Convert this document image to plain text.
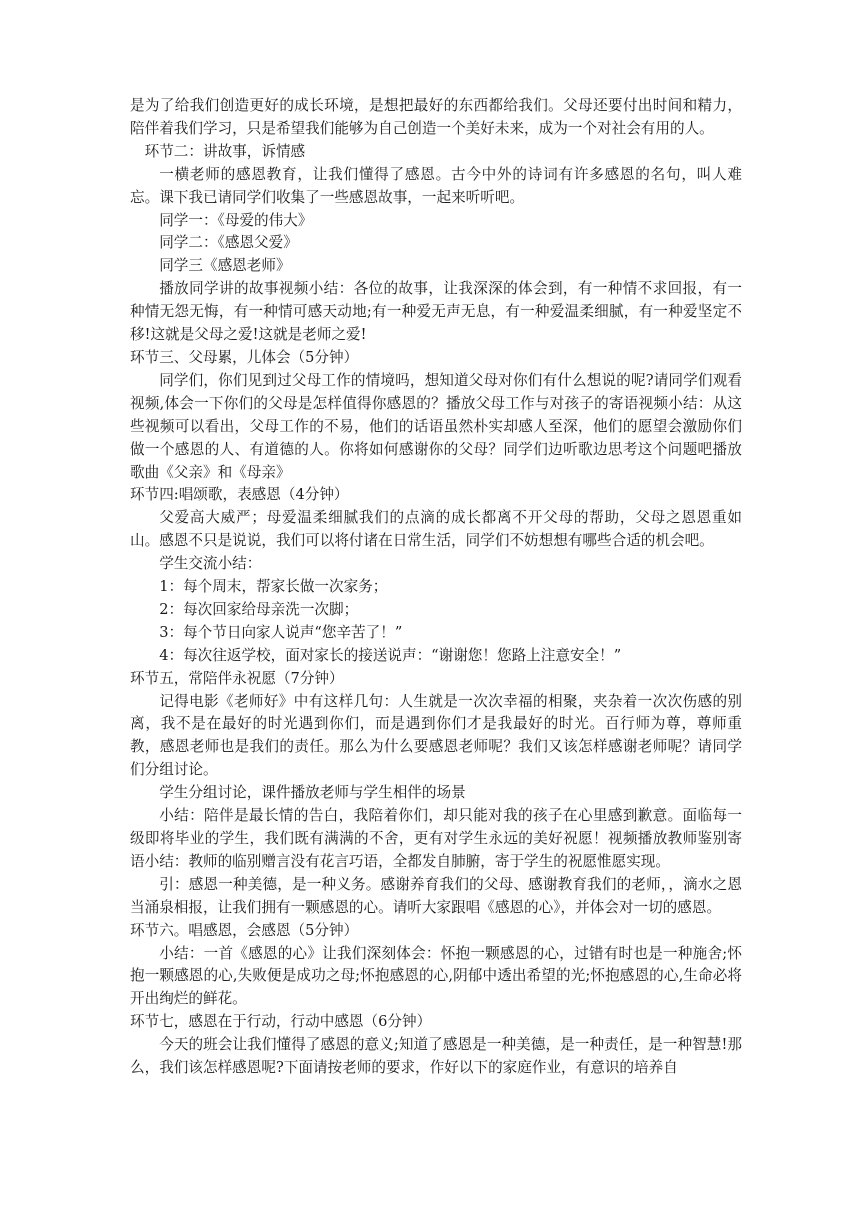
是为了给我们创造更好的成长环境，是想把最好的东西都给我们。父母还要付出时间和精力，陪伴着我们学习，只是希望我们能够为自己创造一个美好未来，成为一个对社会有用的人。

环节二：讲故事，诉情感

一横老师的感恩教育，让我们懂得了感恩。古今中外的诗词有许多感恩的名句，叫人难忘。课下我已请同学们收集了一些感恩故事，一起来听听吧。

同学一：《母爱的伟大》

同学二：《感恩父爱》

同学三《感恩老师》

播放同学讲的故事视频小结：各位的故事，让我深深的体会到，有一种情不求回报，有一种情无怨无悔，有一种情可感天动地;有一种爱无声无息，有一种爱温柔细腻，有一种爱坚定不移!这就是父母之爱!这就是老师之爱!

环节三、父母累，儿体会（5分钟）

同学们，你们见到过父母工作的情境吗，想知道父母对你们有什么想说的呢?请同学们观看视频,体会一下你们的父母是怎样值得你感恩的？播放父母工作与对孩子的寄语视频小结：从这些视频可以看出，父母工作的不易，他们的话语虽然朴实却感人至深，他们的愿望会激励你们做一个感恩的人、有道德的人。你将如何感谢你的父母？同学们边听歌边思考这个问题吧播放歌曲《父亲》和《母亲》

环节四:唱颂歌，表感恩（4分钟）

父爱高大威严；母爱温柔细腻我们的点滴的成长都离不开父母的帮助，父母之恩恩重如山。感恩不只是说说，我们可以将付诸在日常生活，同学们不妨想想有哪些合适的机会吧。

学生交流小结：

1：每个周末，帮家长做一次家务；

2：每次回家给母亲洗一次脚；

3：每个节日向家人说声“您辛苦了！”

4：每次往返学校，面对家长的接送说声：“谢谢您！您路上注意安全！”

环节五，常陪伴永祝愿（7分钟）

记得电影《老师好》中有这样几句：人生就是一次次幸福的相聚，夹杂着一次次伤感的别离，我不是在最好的时光遇到你们，而是遇到你们才是我最好的时光。百行师为尊，尊师重教，感恩老师也是我们的责任。那么为什么要感恩老师呢？我们又该怎样感谢老师呢？请同学们分组讨论。

学生分组讨论，课件播放老师与学生相伴的场景

小结：陪伴是最长情的告白，我陪着你们，却只能对我的孩子在心里感到歉意。面临每一级即将毕业的学生，我们既有满满的不舍，更有对学生永远的美好祝愿！视频播放教师鉴别寄语小结：教师的临别赠言没有花言巧语，全都发自肺腑，寄于学生的祝愿惟愿实现。

引：感恩一种美德，是一种义务。感谢养育我们的父母、感谢教育我们的老师，，滴水之恩当涌泉相报，让我们拥有一颗感恩的心。请听大家跟唱《感恩的心》，并体会对一切的感恩。

环节六。唱感恩，会感恩（5分钟）

小结：一首《感恩的心》让我们深刻体会：怀抱一颗感恩的心，过错有时也是一种施舍;怀抱一颗感恩的心,失败便是成功之母;怀抱感恩的心,阴郁中透出希望的光;怀抱感恩的心,生命必将开出绚烂的鲜花。

环节七，感恩在于行动，行动中感恩（6分钟）

今天的班会让我们懂得了感恩的意义;知道了感恩是一种美德，是一种责任，是一种智慧!那么，我们该怎样感恩呢?下面请按老师的要求，作好以下的家庭作业，有意识的培养自
